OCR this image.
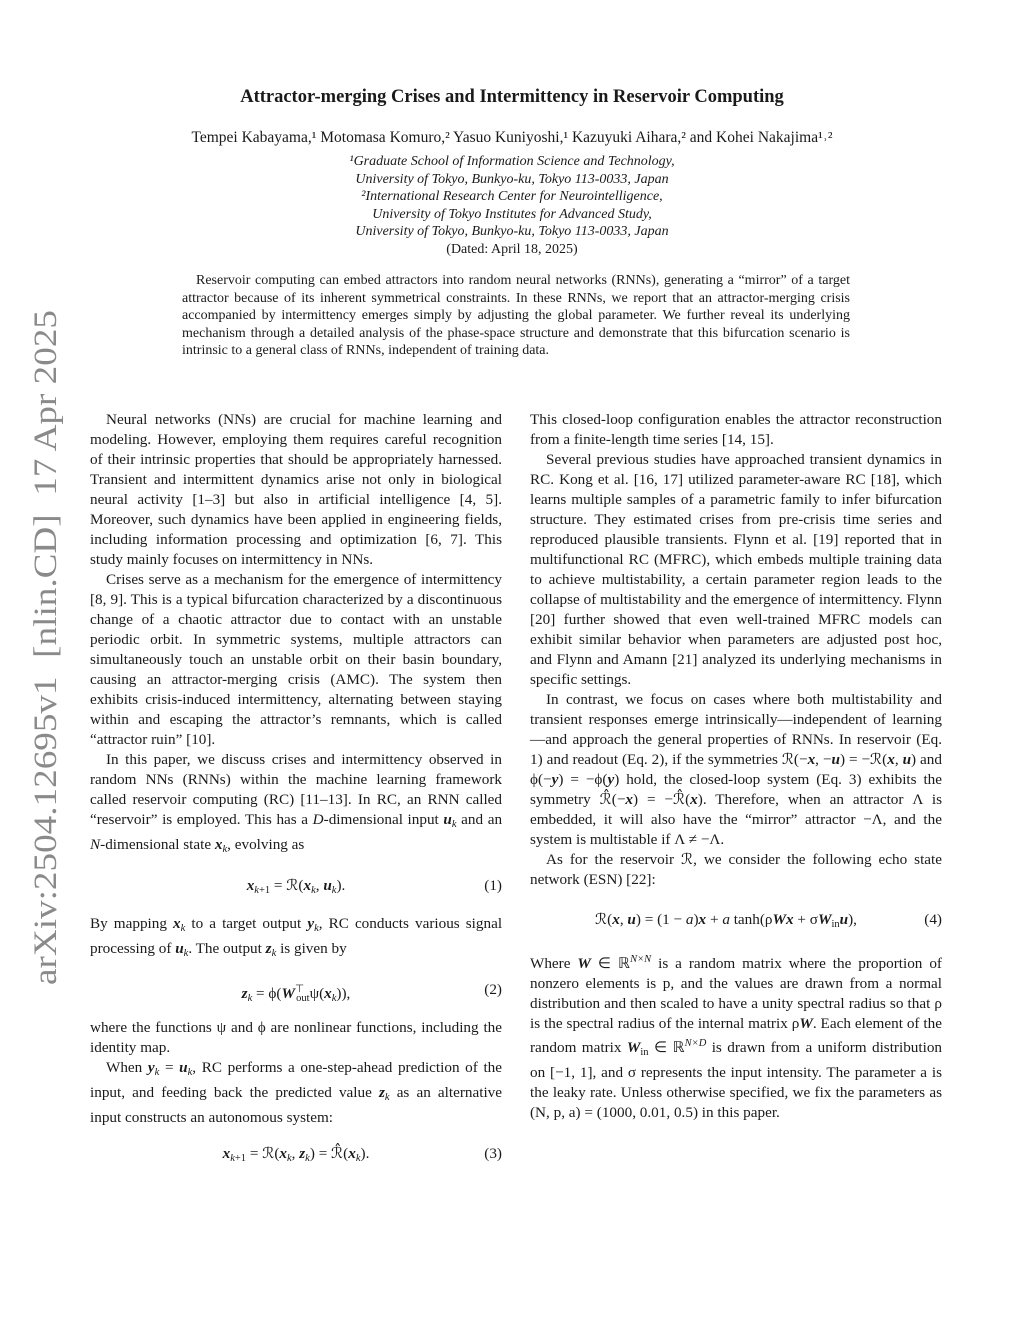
arXiv:2504.12695v1  [nlin.CD]  17 Apr 2025
Attractor-merging Crises and Intermittency in Reservoir Computing
Tempei Kabayama,¹ Motomasa Komuro,² Yasuo Kuniyoshi,¹ Kazuyuki Aihara,² and Kohei Nakajima¹˒²
¹Graduate School of Information Science and Technology,
University of Tokyo, Bunkyo-ku, Tokyo 113-0033, Japan
²International Research Center for Neurointelligence,
University of Tokyo Institutes for Advanced Study,
University of Tokyo, Bunkyo-ku, Tokyo 113-0033, Japan
(Dated: April 18, 2025)

Reservoir computing can embed attractors into random neural networks (RNNs), generating a “mirror” of a target attractor because of its inherent symmetrical constraints. In these RNNs, we report that an attractor-merging crisis accompanied by intermittency emerges simply by adjusting the global parameter. We further reveal its underlying mechanism through a detailed analysis of the phase-space structure and demonstrate that this bifurcation scenario is intrinsic to a general class of RNNs, independent of training data.

Neural networks (NNs) are crucial for machine learning and modeling. However, employing them requires careful recognition of their intrinsic properties that should be appropriately harnessed. Transient and intermittent dynamics arise not only in biological neural activity [1–3] but also in artificial intelligence [4, 5]. Moreover, such dynamics have been applied in engineering fields, including information processing and optimization [6, 7]. This study mainly focuses on intermittency in NNs.

Crises serve as a mechanism for the emergence of intermittency [8, 9]. This is a typical bifurcation characterized by a discontinuous change of a chaotic attractor due to contact with an unstable periodic orbit. In symmetric systems, multiple attractors can simultaneously touch an unstable orbit on their basin boundary, causing an attractor-merging crisis (AMC). The system then exhibits crisis-induced intermittency, alternating between staying within and escaping the attractor’s remnants, which is called “attractor ruin” [10].

In this paper, we discuss crises and intermittency observed in random NNs (RNNs) within the machine learning framework called reservoir computing (RC) [11–13]. In RC, an RNN called “reservoir” is employed. This has a D-dimensional input $u_k$ and an N-dimensional state $x_k$, evolving as

$x_{k+1}$ = $ℛ(x_k$, $u_k$).	(1)

By mapping $x_k$ to a target output $y_k$, RC conducts various signal processing of $u_k$. The output $z_k$ is given by

$z_k = \phi(W^⊤_{out}\psi(x_k))$,	(2)

where the functions ψ and ϕ are nonlinear functions, including the identity map.

When $y_k = u_k$, RC performs a one-step-ahead prediction of the input, and feeding back the predicted value $z_k$ as an alternative input constructs an autonomous system:

$x_{k+1}$ = $ℛ(x_k$, $z_k$) = $ℛ̂(x_k)$.	(3)

This closed-loop configuration enables the attractor reconstruction from a finite-length time series [14, 15].

Several previous studies have approached transient dynamics in RC. Kong et al. [16, 17] utilized parameter-aware RC [18], which learns multiple samples of a parametric family to infer bifurcation structure. They estimated crises from pre-crisis time series and reproduced plausible transients. Flynn et al. [19] reported that in multifunctional RC (MFRC), which embeds multiple training data to achieve multistability, a certain parameter region leads to the collapse of multistability and the emergence of intermittency. Flynn [20] further showed that even well-trained MFRC models can exhibit similar behavior when parameters are adjusted post hoc, and Flynn and Amann [21] analyzed its underlying mechanisms in specific settings.

In contrast, we focus on cases where both multistability and transient responses emerge intrinsically—independent of learning—and approach the general properties of RNNs. In reservoir (Eq. 1) and readout (Eq. 2), if the symmetries ℛ(−x, −u) = −ℛ(x, u) and ϕ(−y) = −ϕ(y) hold, the closed-loop system (Eq. 3) exhibits the symmetry ℛ̂(−x) = −ℛ̂(x). Therefore, when an attractor Λ is embedded, it will also have the “mirror” attractor −Λ, and the system is multistable if Λ ≠ −Λ.

As for the reservoir ℛ, we consider the following echo state network (ESN) [22]:

ℛ(x, u) = (1 − a)x + a $\tanh(\rho Wx + \sigma W_{in}u)$,	(4)

Where W ∈ ℝ$^{N\times N}$ is a random matrix where the proportion of nonzero elements is p, and the values are drawn from a normal distribution and then scaled to have a unity spectral radius so that ρ is the spectral radius of the internal matrix ρW. Each element of the random matrix $W_{in}$ ∈ ℝ$^{N\times D}$ is drawn from a uniform distribution on [−1, 1], and σ represents the input intensity. The parameter a is the leaky rate. Unless otherwise specified, we fix the parameters as (N, p, a) = (1000, 0.01, 0.5) in this paper.
